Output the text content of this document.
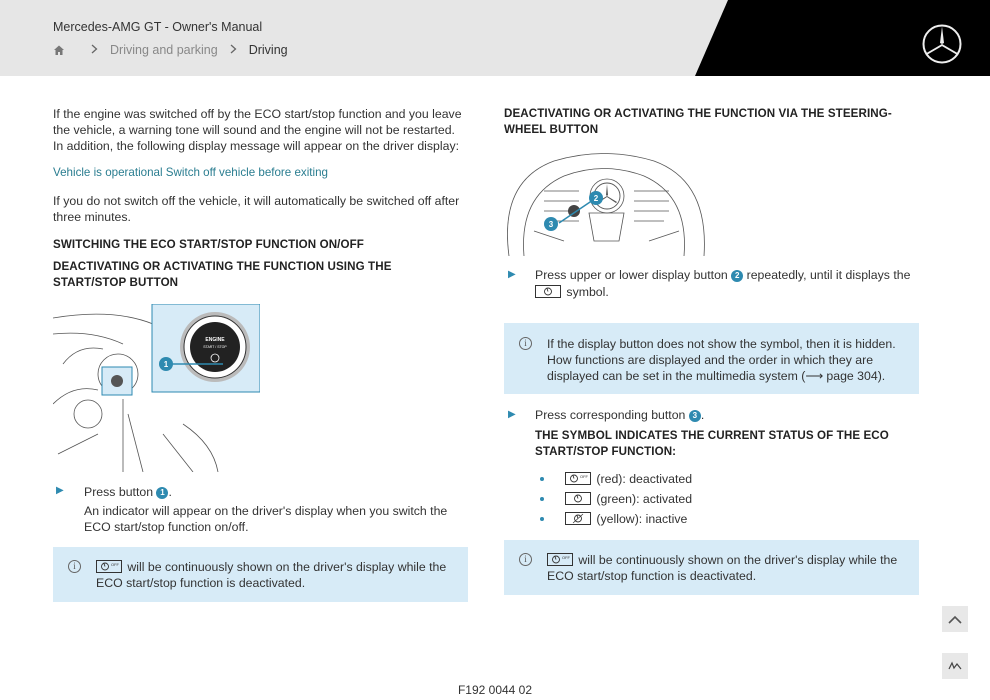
Mercedes-AMG GT - Owner's Manual
Driving and parking Driving
If the engine was switched off by the ECO start/stop function and you leave the vehicle, a warning tone will sound and the engine will not be restarted. In addition, the following display message will appear on the driver display:
Vehicle is operational Switch off vehicle before exiting
If you do not switch off the vehicle, it will automatically be switched off after three minutes.
SWITCHING THE ECO START/STOP FUNCTION ON/OFF
DEACTIVATING OR ACTIVATING THE FUNCTION USING THE START/STOP BUTTON
ENGINE
START / STOP
1
▶ Press button 1 .
An indicator will appear on the driver's display when you switch the ECO start/stop function on/off.
i	OFF will be continuously shown on the driver's display while the ECO start/stop function is deactivated.
DEACTIVATING OR ACTIVATING THE FUNCTION VIA THE STEERING-WHEEL BUTTON
2
3
▶ Press upper or lower display button 2 repeatedly, until it displays the
symbol.
i	If the display button does not show the symbol, then it is hidden. How functions are displayed and the order in which they are displayed can be set in the multimedia system (⟶ page 304).
▶ Press corresponding button 3 .
THE SYMBOL INDICATES THE CURRENT STATUS OF THE ECO START/STOP FUNCTION:
OFF (red): deactivated
(green): activated
(yellow): inactive
i	OFF will be continuously shown on the driver's display while the ECO start/stop function is deactivated.
F192 0044 02
